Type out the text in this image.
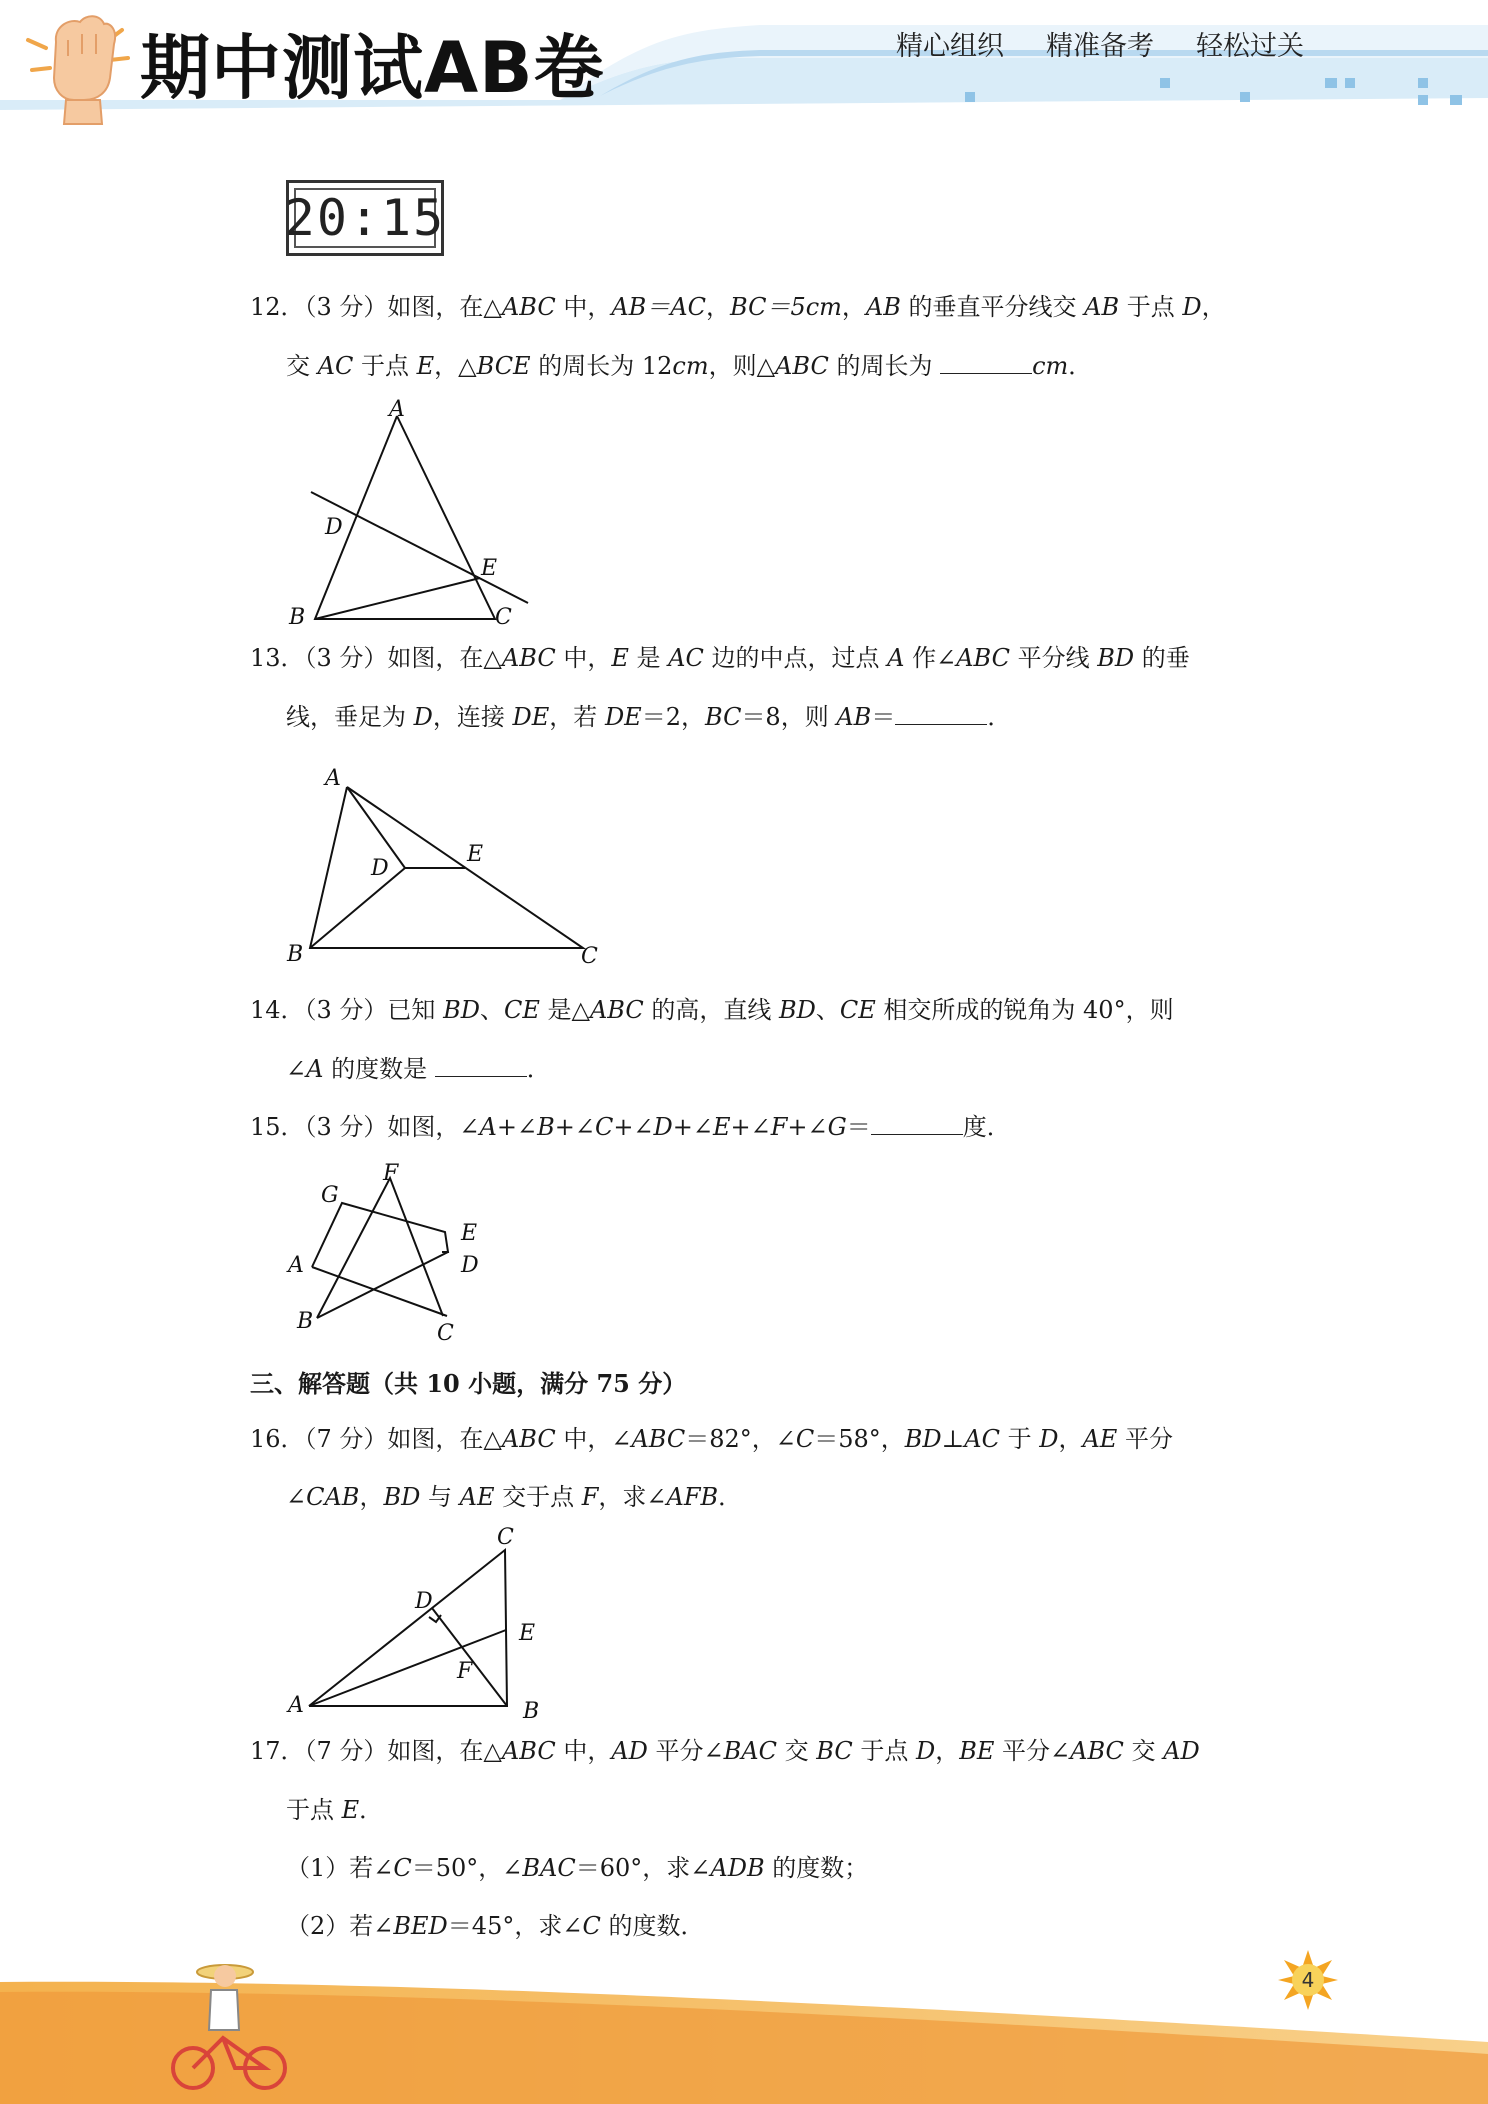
期中测试AB卷	精心组织 精准备考 轻松过关
20:15
12．（3 分）如图，在△ABC 中，AB＝AC，BC＝5cm，AB 的垂直平分线交 AB 于点 D，
交 AC 于点 E，△BCE 的周长为 12cm，则△ABC 的周长为	cm．
A
D
E
B	C
13．（3 分）如图，在△ABC 中，E 是 AC 边的中点，过点 A 作∠ABC 平分线 BD 的垂
线，垂足为 D，连接 DE，若 DE＝2，BC＝8，则 AB＝	．
A
D
E
B	C
14．（3 分）已知 BD、CE 是△ABC 的高，直线 BD、CE 相交所成的锐角为 40°，则
∠A 的度数是	．
15．（3 分）如图，∠A+∠B+∠C+∠D+∠E+∠F+∠G＝	度．
G
F
E
D
A
B	C
三、解答题（共 10 小题，满分 75 分）
16．（7 分）如图，在△ABC 中，∠ABC＝82°，∠C＝58°，BD⊥AC 于 D，AE 平分
∠CAB，BD 与 AE 交于点 F，求∠AFB．
C
D
E
F
A	B
17．（7 分）如图，在△ABC 中，AD 平分∠BAC 交 BC 于点 D，BE 平分∠ABC 交 AD
于点 E．
（1）若∠C＝50°，∠BAC＝60°，求∠ADB 的度数；
（2）若∠BED＝45°，求∠C 的度数．
4
